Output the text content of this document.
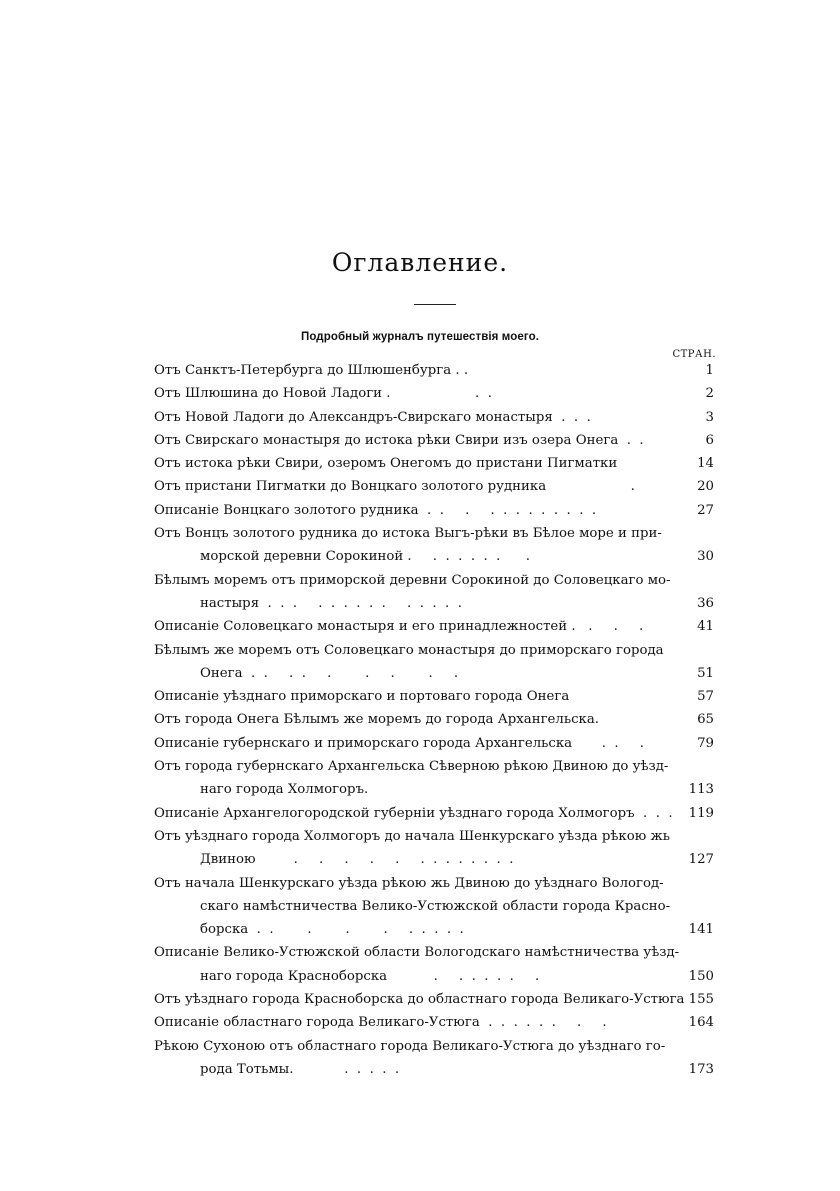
Оглавление.
Подробный журналъ путешествія моего.
СТРАН.
Отъ Санктъ-Петербурга до Шлюшенбурга . .	1
Отъ Шлюшина до Новой Ладоги .                    .  .	2
Отъ Новой Ладоги до Александръ-Свирскаго монастыря  .  .  .	3
Отъ Свирскаго монастыря до истока рѣки Свири изъ озера Онега  .  .	6
Отъ истока рѣки Свири, озеромъ Онегомъ до пристани Пигматки	14
Отъ пристани Пигматки до Вонцкаго золотого рудника                    .	20
Описаніе Вонцкаго золотого рудника  .  .     .     .  .  .  .  .  .  .  .  .	27
Отъ Вонцъ золотого рудника до истока Выгъ-рѣки въ Бѣлое море и при-
морской деревни Сорокиной .     .  .  .  .  .  .      .	30
Бѣлымъ моремъ отъ приморской деревни Сорокиной до Соловецкаго мо-
настыря  .  .  .     .  .  .  .  .  .     .  .  .  .  .	36
Описаніе Соловецкаго монастыря и его принадлежностей .   .     .     .	41
Бѣлымъ же моремъ отъ Соловецкаго монастыря до приморскаго города
Онега  .  .     .  .     .        .     .        .     .	51
Описаніе уѣзднаго приморскаго и портоваго города Онега	57
Отъ города Онега Бѣлымъ же моремъ до города Архангельска.	65
Описаніе губернскаго и приморскаго города Архангельска       .  .     .	79
Отъ города губернскаго Архангельска Сѣверною рѣкою Двиною до уѣзд-
наго города Холмогоръ.	113
Описаніе Архангелогородской губерніи уѣзднаго города Холмогоръ  .  .  .	119
Отъ уѣзднаго города Холмогоръ до начала Шенкурскаго уѣзда рѣкою жь
Двиною         .     .     .     .     .     .  .  .  .  .  .  .  .	127
Отъ начала Шенкурскаго уѣзда рѣкою жь Двиною до уѣзднаго Вологод-
скаго намѣстничества Велико-Устюжской области города Красно-
борска  .  .        .        .        .     .  .  .  .  .	141
Описаніе Велико-Устюжской области Вологодскаго намѣстничества уѣзд-
наго города Красноборска           .     .  .  .  .  .     .	150
Отъ уѣзднаго города Красноборска до областнаго города Великаго-Устюга 155
Описаніе областнаго города Великаго-Устюга  .  .  .  .  .  .     .     .	164
Рѣкою Сухоною отъ областнаго города Великаго-Устюга до уѣзднаго го-
рода Тотьмы.            .  .  .  .  .	173
